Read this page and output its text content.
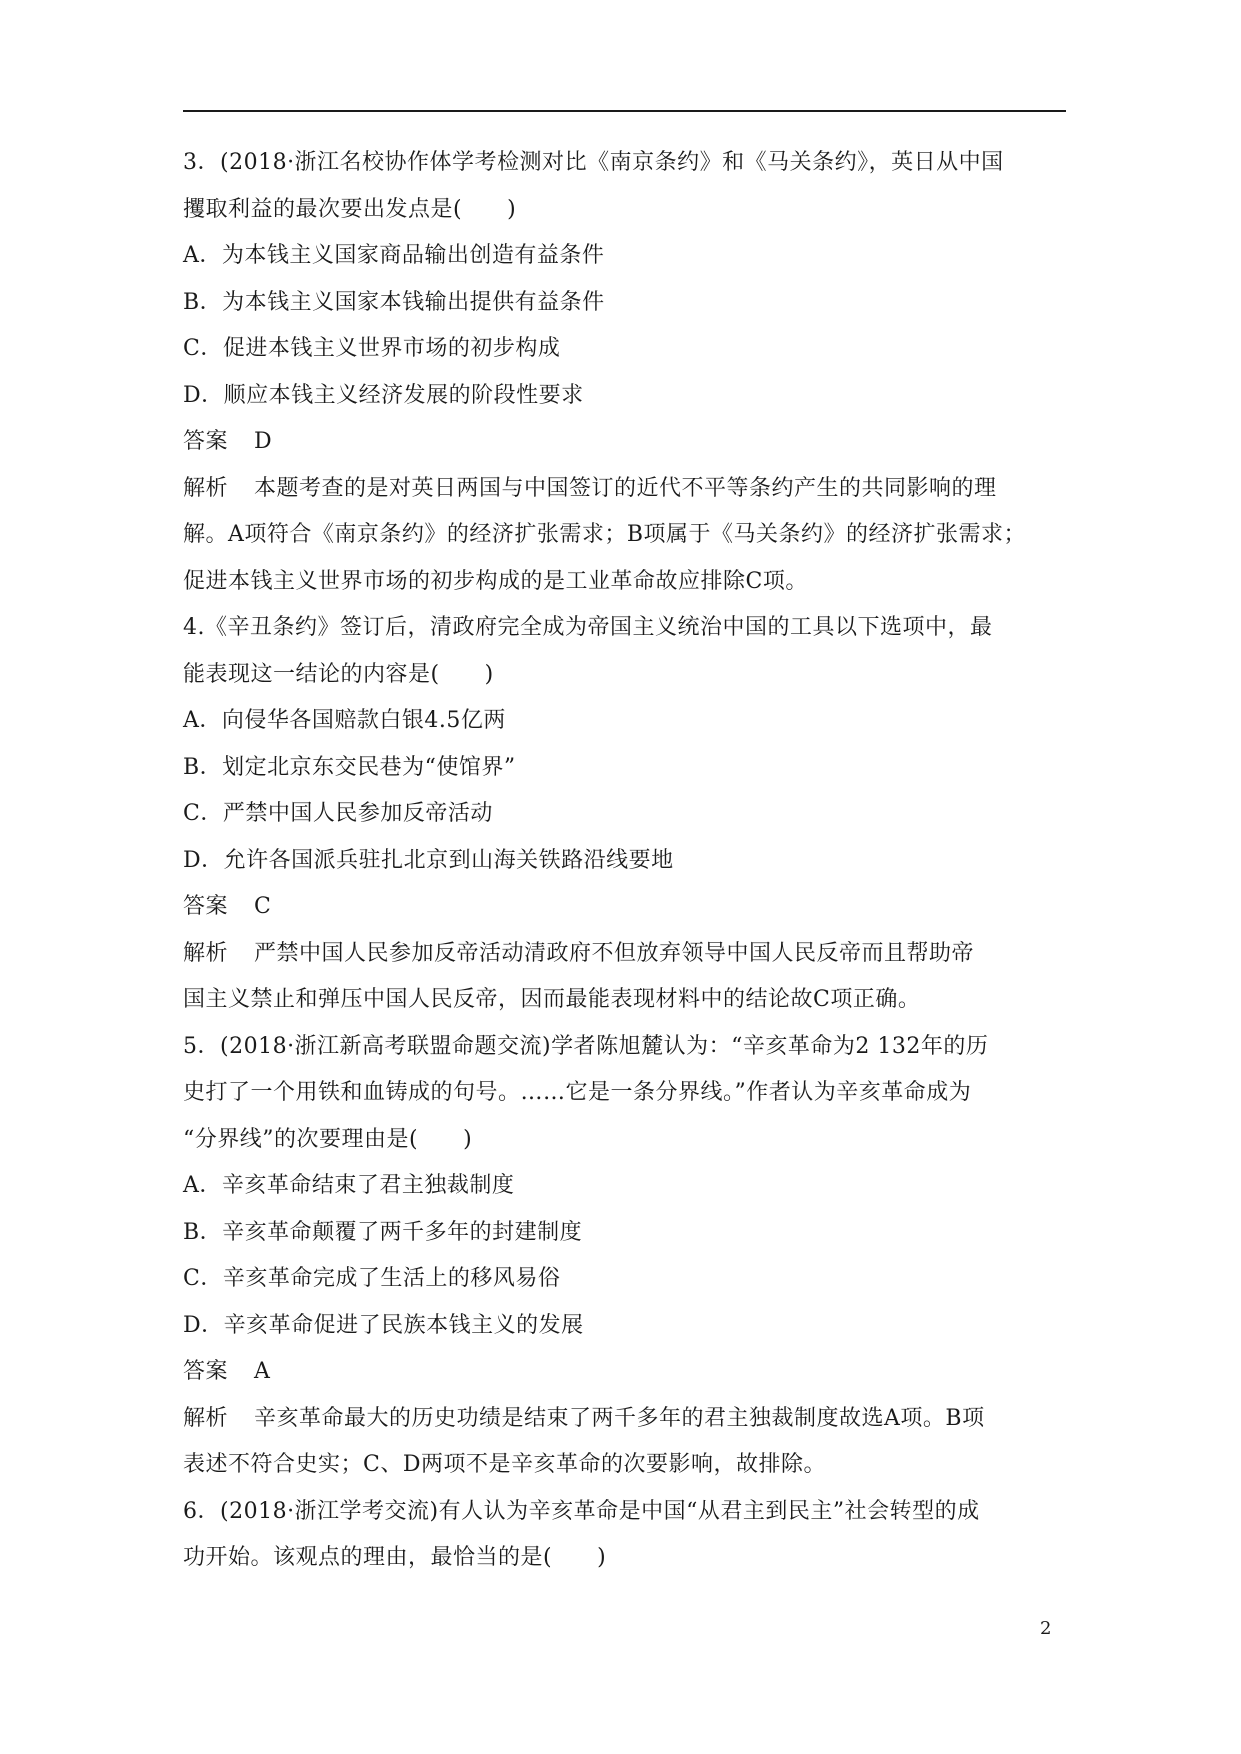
3．(2018·浙江名校协作体学考检测对比《南京条约》和《马关条约》，英日从中国
攫取利益的最次要出发点是(　　)
A．为本钱主义国家商品输出创造有益条件
B．为本钱主义国家本钱输出提供有益条件
C．促进本钱主义世界市场的初步构成
D．顺应本钱主义经济发展的阶段性要求
答案 D
解析 本题考查的是对英日两国与中国签订的近代不平等条约产生的共同影响的理
解。A项符合《南京条约》的经济扩张需求；B项属于《马关条约》的经济扩张需求；
促进本钱主义世界市场的初步构成的是工业革命故应排除C项。
4.《辛丑条约》签订后，清政府完全成为帝国主义统治中国的工具以下选项中，最
能表现这一结论的内容是(　　)
A．向侵华各国赔款白银4.5亿两
B．划定北京东交民巷为“使馆界”
C．严禁中国人民参加反帝活动
D．允许各国派兵驻扎北京到山海关铁路沿线要地
答案 C
解析 严禁中国人民参加反帝活动清政府不但放弃领导中国人民反帝而且帮助帝
国主义禁止和弹压中国人民反帝，因而最能表现材料中的结论故C项正确。
5．(2018·浙江新高考联盟命题交流)学者陈旭麓认为：“辛亥革命为2 132年的历
史打了一个用铁和血铸成的句号。……它是一条分界线。”作者认为辛亥革命成为
“分界线”的次要理由是(　　)
A．辛亥革命结束了君主独裁制度
B．辛亥革命颠覆了两千多年的封建制度
C．辛亥革命完成了生活上的移风易俗
D．辛亥革命促进了民族本钱主义的发展
答案 A
解析 辛亥革命最大的历史功绩是结束了两千多年的君主独裁制度故选A项。B项
表述不符合史实；C、D两项不是辛亥革命的次要影响，故排除。
6．(2018·浙江学考交流)有人认为辛亥革命是中国“从君主到民主”社会转型的成
功开始。该观点的理由，最恰当的是(　　)
2
